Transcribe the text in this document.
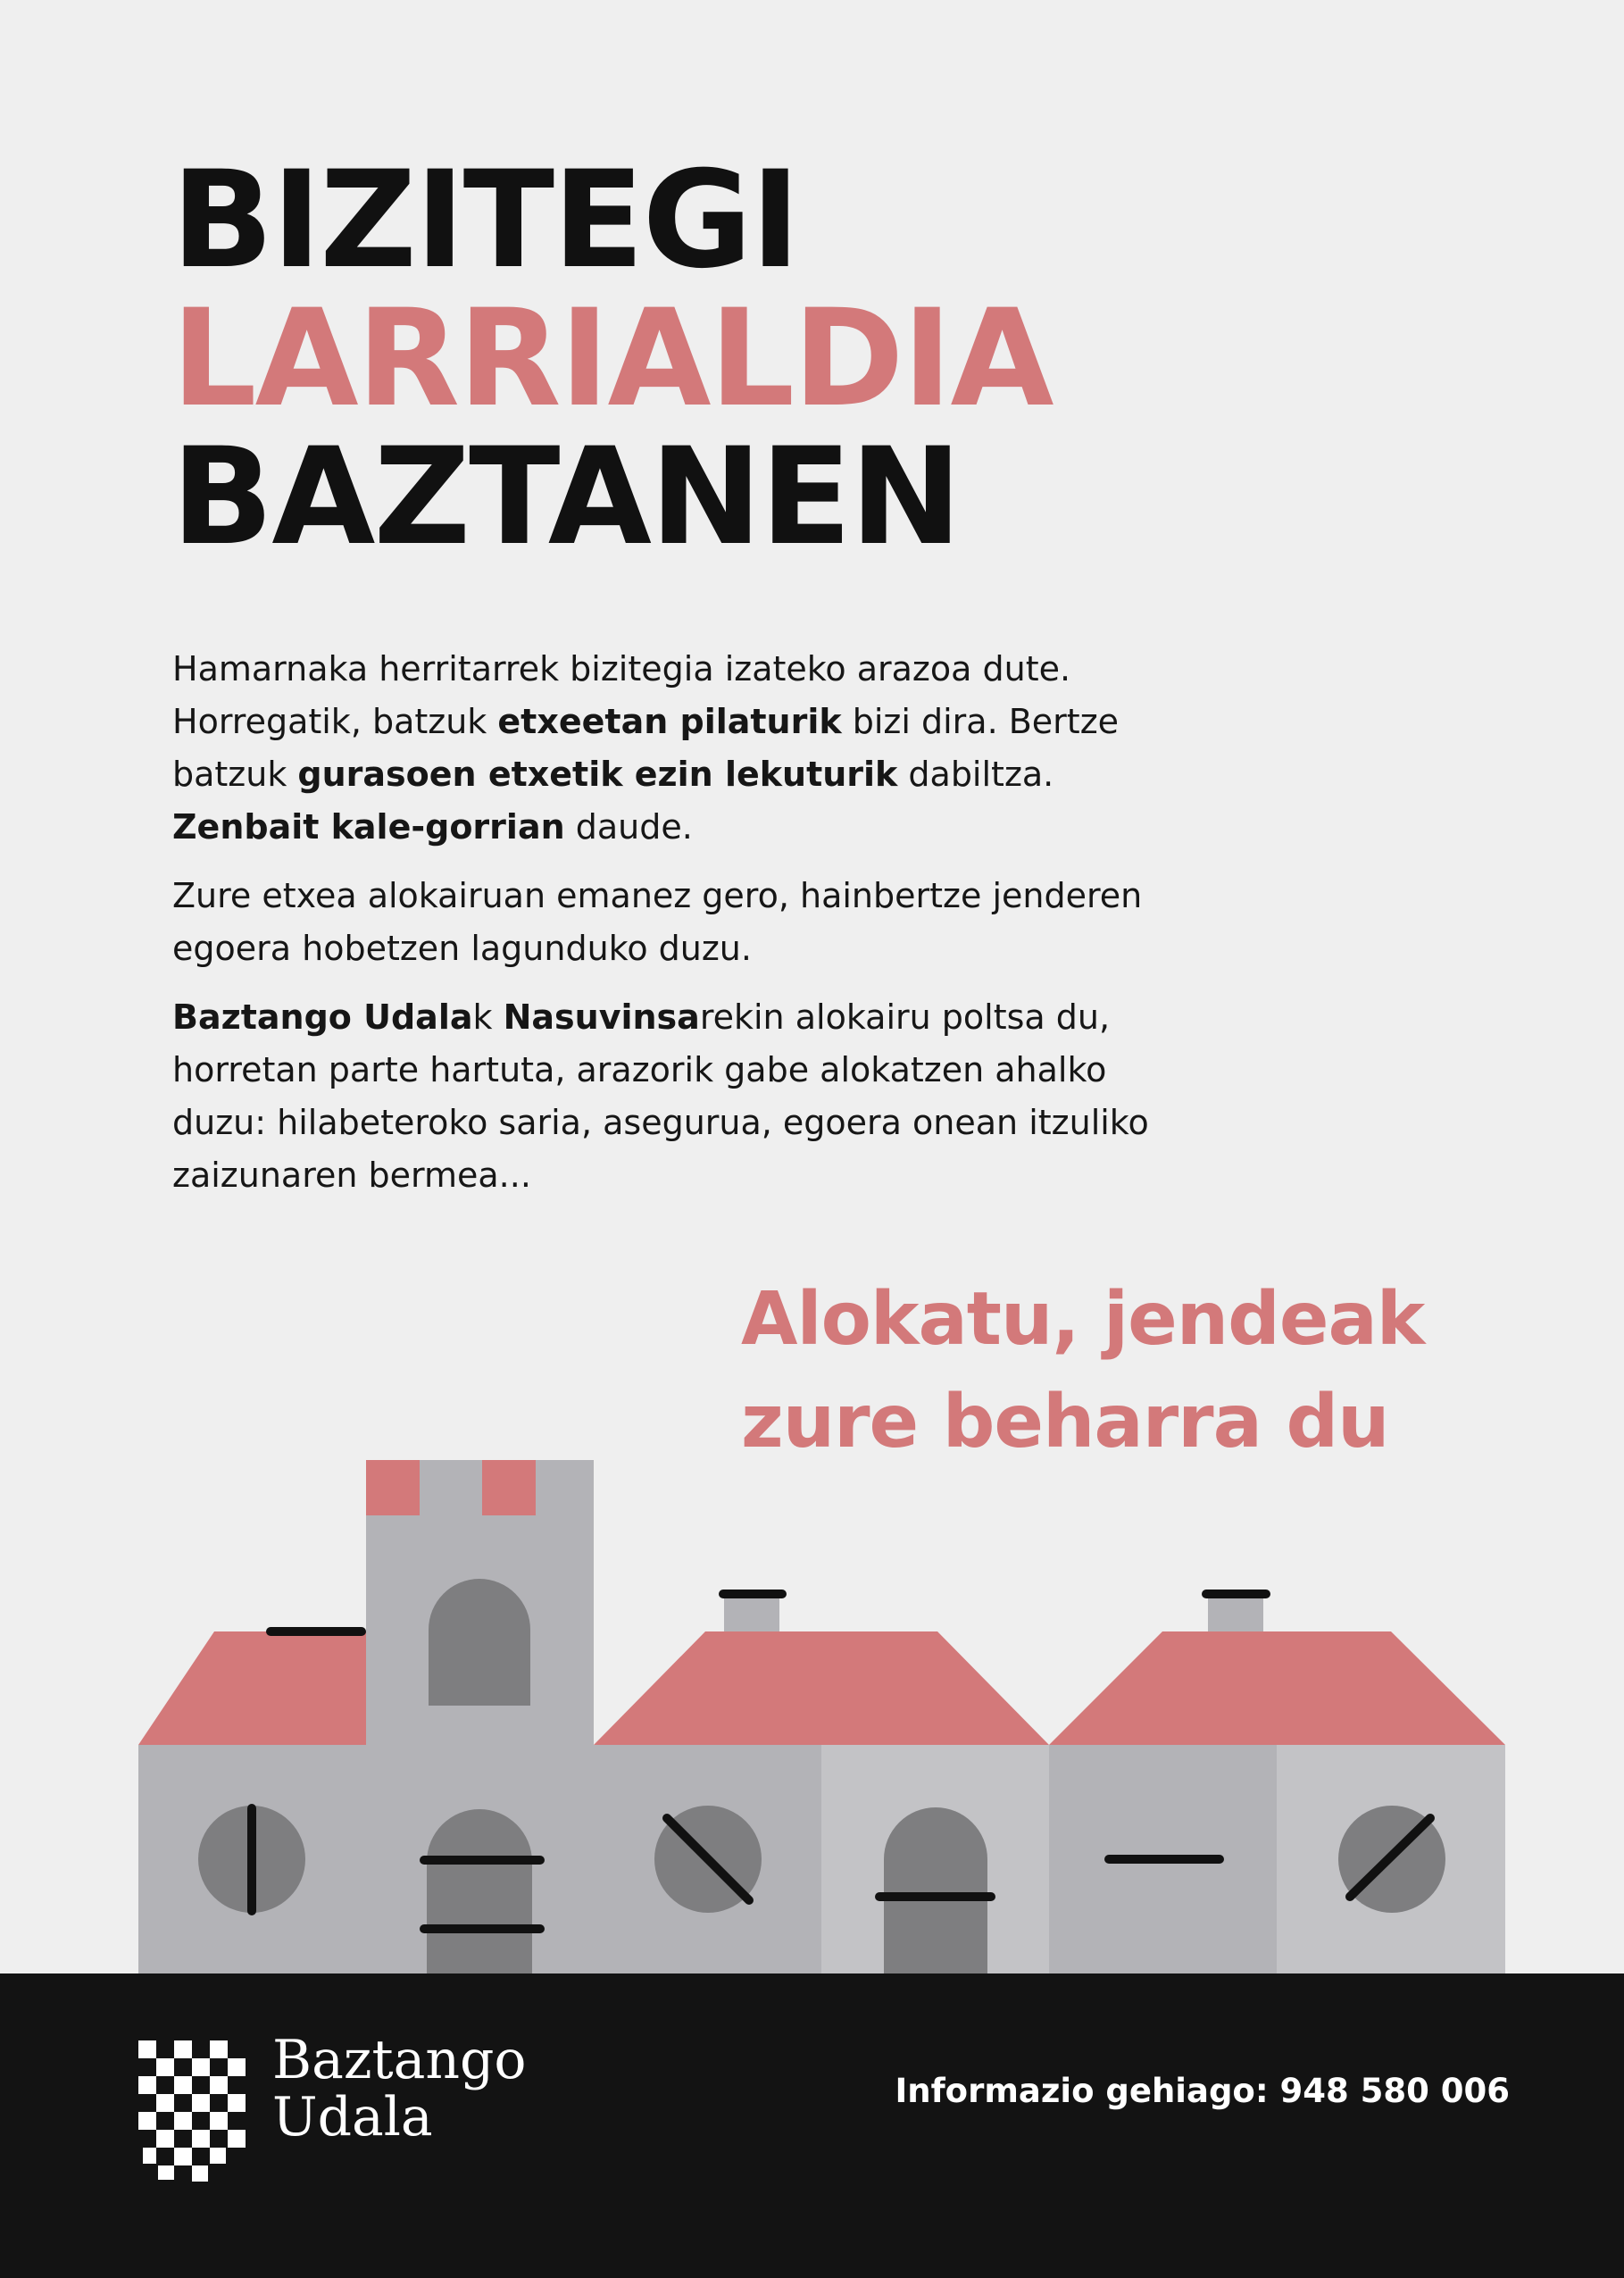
BIZITEGI
LARRIALDIA
BAZTANEN

Hamarnaka herritarrek bizitegia izateko arazoa dute. Horregatik, batzuk etxeetan pilaturik bizi dira. Bertze batzuk gurasoen etxetik ezin lekuturik dabiltza. Zenbait kale-gorrian daude.

Zure etxea alokairuan emanez gero, hainbertze jenderen egoera hobetzen lagunduko duzu.

Baztango Udalak Nasuvinsarekin alokairu poltsa du, horretan parte hartuta, arazorik gabe alokatzen ahalko duzu: hilabeteroko saria, asegurua, egoera onean itzuliko zaizunaren bermea...

Alokatu, jendeak
zure beharra du
Baztango
Udala	Informazio gehiago: 948 580 006
